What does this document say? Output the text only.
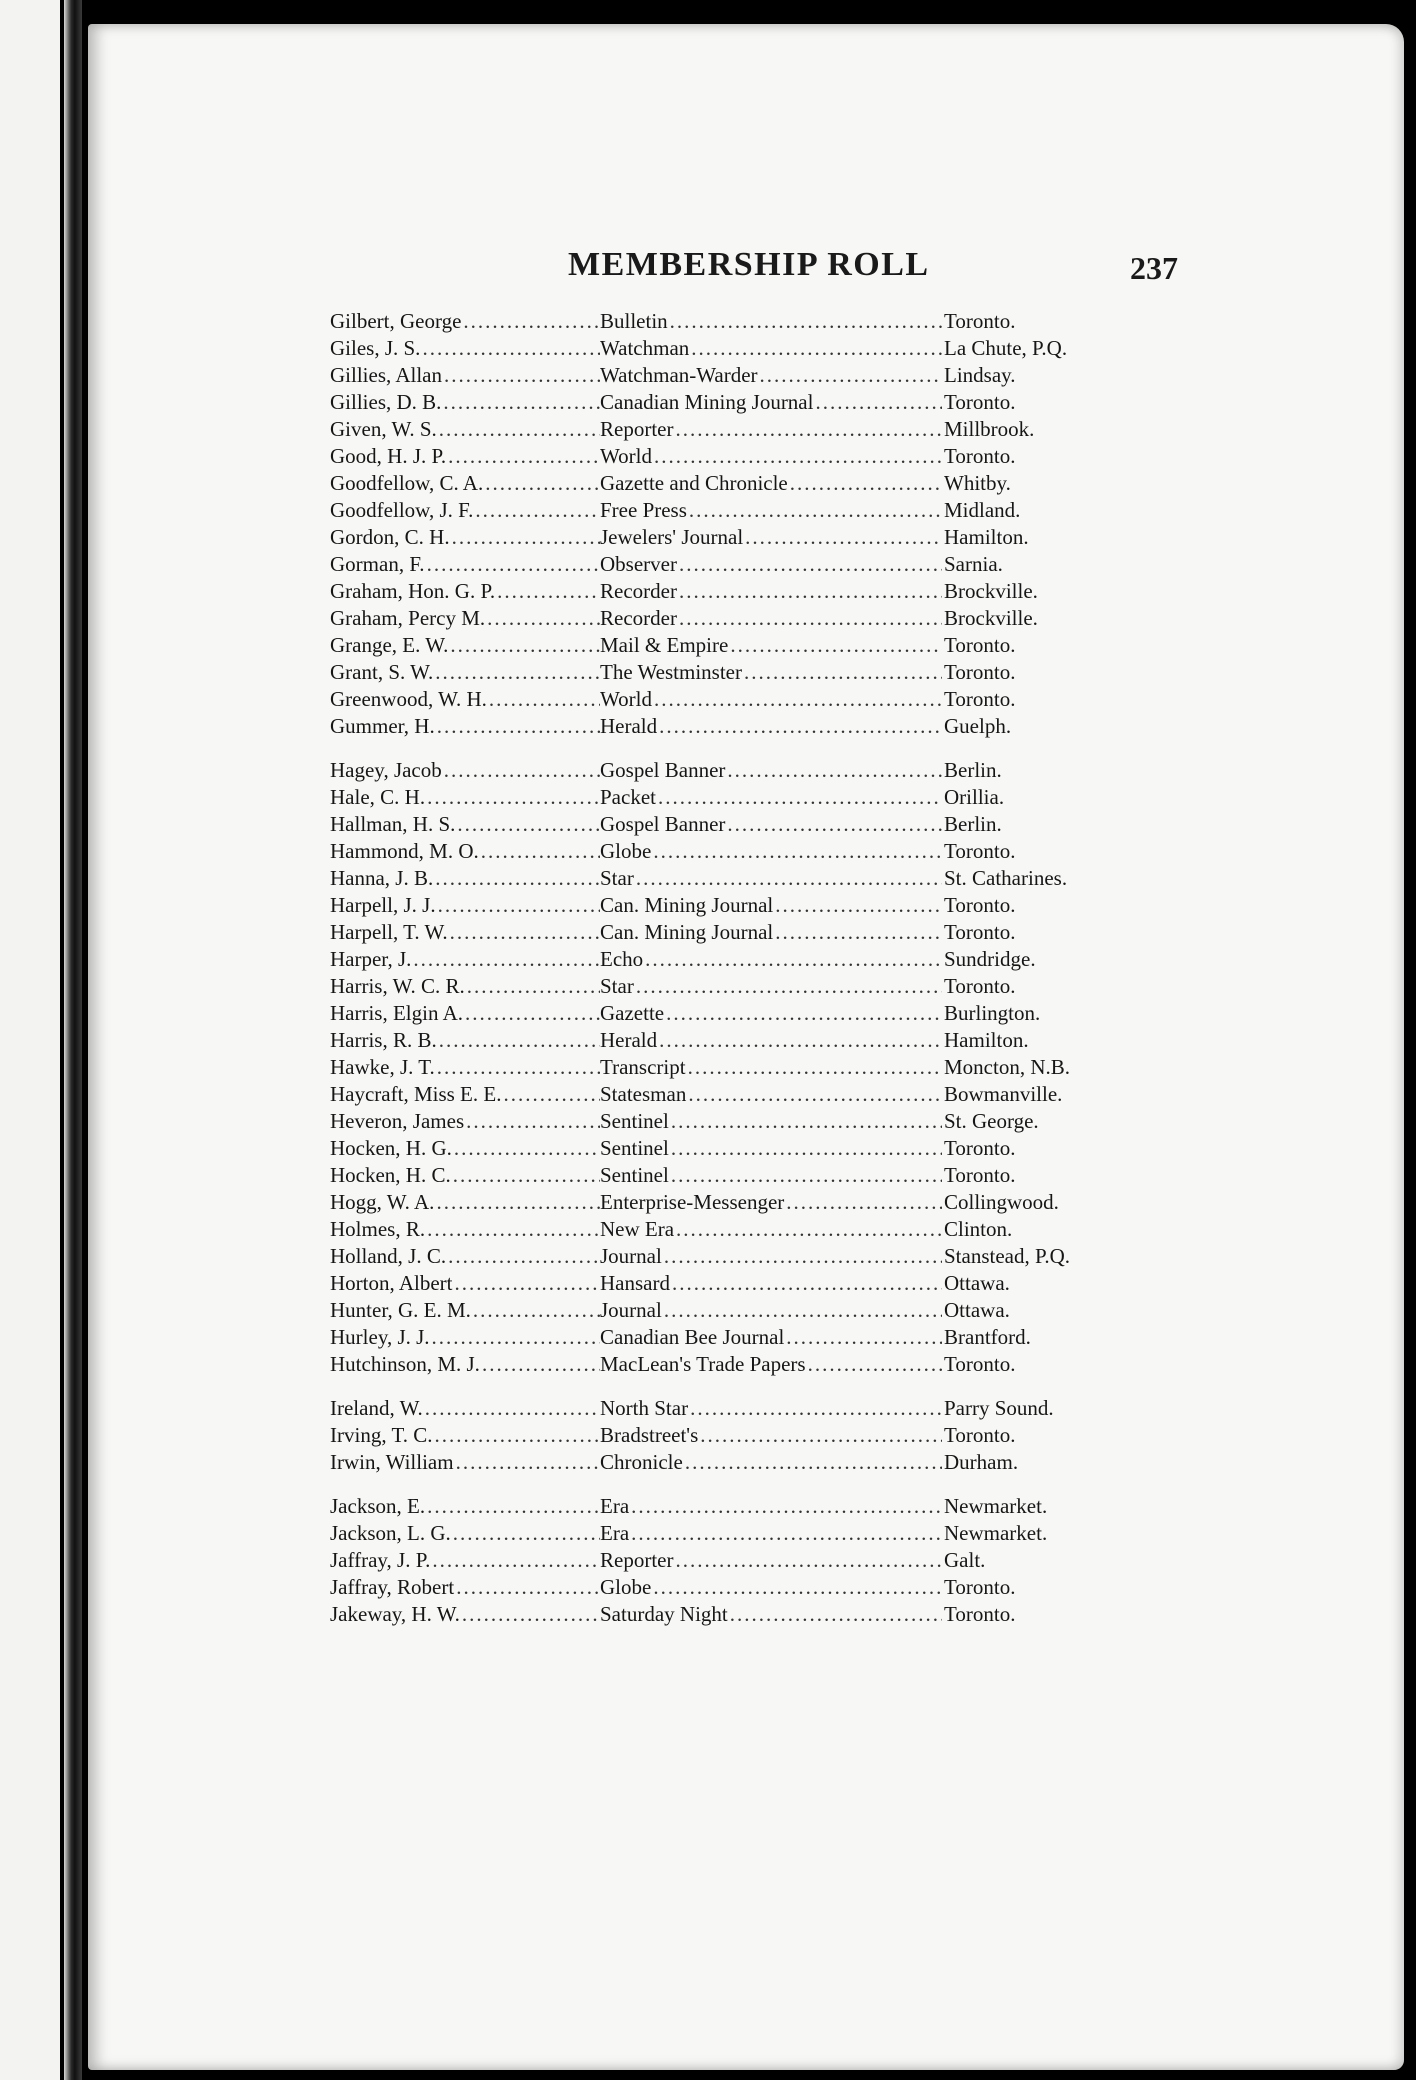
MEMBERSHIP ROLL	237
Gilbert, George .....	Bulletin .....	Toronto.
Giles, J. S. .....	Watchman .....	La Chute, P.Q.
Gillies, Allan .....	Watchman-Warder .....	Lindsay.
Gillies, D. B. .....	Canadian Mining Journal .....	Toronto.
Given, W. S. .....	Reporter .....	Millbrook.
Good, H. J. P. .....	World .....	Toronto.
Goodfellow, C. A. .....	Gazette and Chronicle .....	Whitby.
Goodfellow, J. F. .....	Free Press .....	Midland.
Gordon, C. H. .....	Jewelers' Journal .....	Hamilton.
Gorman, F. .....	Observer .....	Sarnia.
Graham, Hon. G. P. .....	Recorder .....	Brockville.
Graham, Percy M. .....	Recorder .....	Brockville.
Grange, E. W. .....	Mail & Empire .....	Toronto.
Grant, S. W. .....	The Westminster .....	Toronto.
Greenwood, W. H. .....	World .....	Toronto.
Gummer, H. .....	Herald .....	Guelph.
Hagey, Jacob .....	Gospel Banner .....	Berlin.
Hale, C. H. .....	Packet .....	Orillia.
Hallman, H. S. .....	Gospel Banner .....	Berlin.
Hammond, M. O. .....	Globe .....	Toronto.
Hanna, J. B. .....	Star .....	St. Catharines.
Harpell, J. J. .....	Can. Mining Journal .....	Toronto.
Harpell, T. W. .....	Can. Mining Journal .....	Toronto.
Harper, J. .....	Echo .....	Sundridge.
Harris, W. C. R. .....	Star .....	Toronto.
Harris, Elgin A. .....	Gazette .....	Burlington.
Harris, R. B. .....	Herald .....	Hamilton.
Hawke, J. T. .....	Transcript .....	Moncton, N.B.
Haycraft, Miss E. E. .....	Statesman .....	Bowmanville.
Heveron, James .....	Sentinel .....	St. George.
Hocken, H. G. .....	Sentinel .....	Toronto.
Hocken, H. C. .....	Sentinel .....	Toronto.
Hogg, W. A. .....	Enterprise-Messenger .....	Collingwood.
Holmes, R. .....	New Era .....	Clinton.
Holland, J. C. .....	Journal .....	Stanstead, P.Q.
Horton, Albert .....	Hansard .....	Ottawa.
Hunter, G. E. M. .....	Journal .....	Ottawa.
Hurley, J. J. .....	Canadian Bee Journal .....	Brantford.
Hutchinson, M. J. .....	MacLean's Trade Papers .....	Toronto.
Ireland, W. .....	North Star .....	Parry Sound.
Irving, T. C. .....	Bradstreet's .....	Toronto.
Irwin, William .....	Chronicle .....	Durham.
Jackson, E. .....	Era .....	Newmarket.
Jackson, L. G. .....	Era .....	Newmarket.
Jaffray, J. P. .....	Reporter .....	Galt.
Jaffray, Robert .....	Globe .....	Toronto.
Jakeway, H. W. .....	Saturday Night .....	Toronto.
